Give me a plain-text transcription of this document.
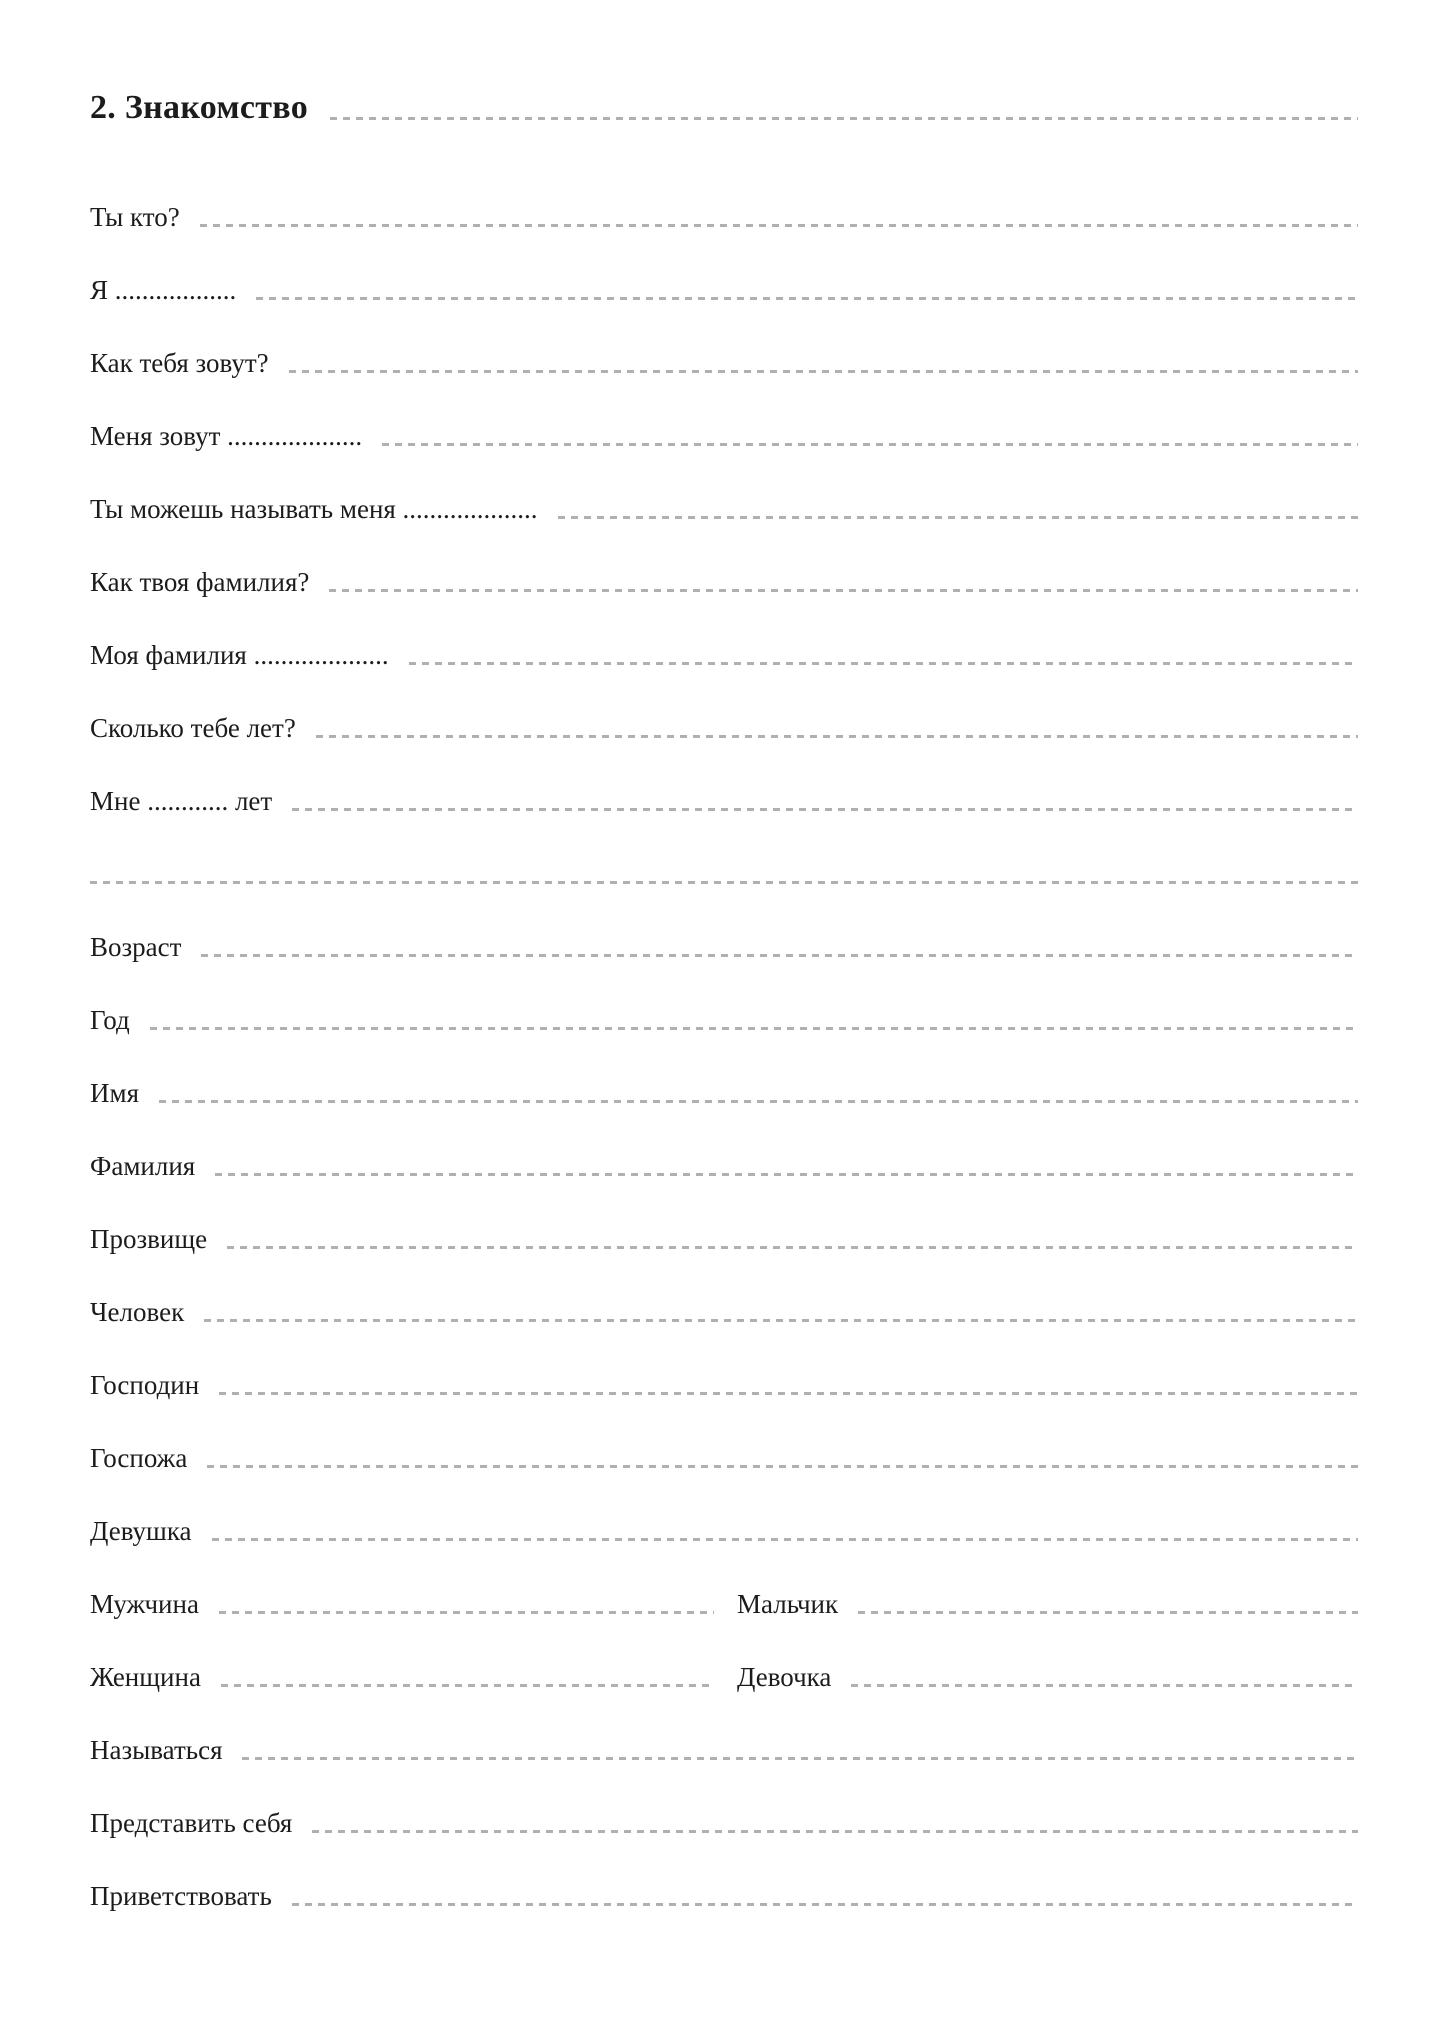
2. Знакомство
Ты кто?
Я ..................
Как тебя зовут?
Меня зовут ....................
Ты можешь называть меня ....................
Как твоя фамилия?
Моя фамилия ....................
Сколько тебе лет?
Мне ............ лет
Возраст
Год
Имя
Фамилия
Прозвище
Человек
Господин
Госпожа
Девушка
Мужчина	Мальчик
Женщина	Девочка
Называться
Представить себя
Приветствовать
